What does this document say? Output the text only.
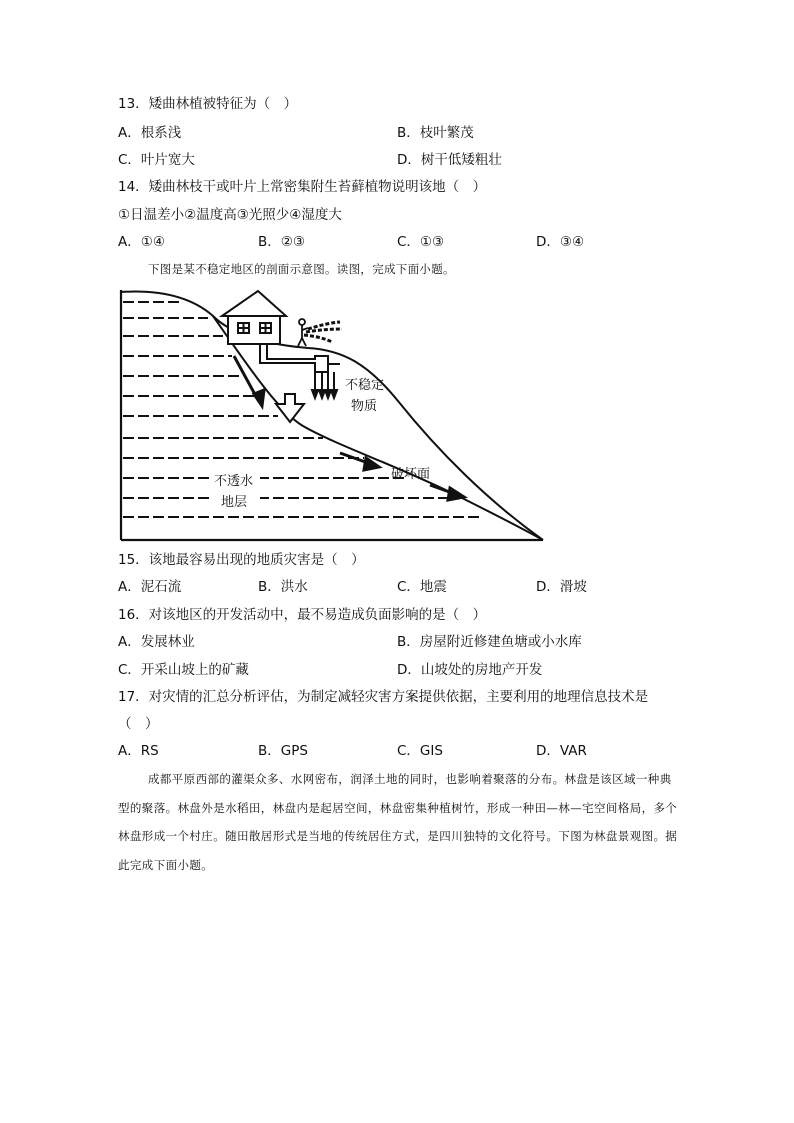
13．矮曲林植被特征为（　）
A．根系浅	B．枝叶繁茂
C．叶片宽大	D．树干低矮粗壮
14．矮曲林枝干或叶片上常密集附生苔藓植物说明该地（　）
①日温差小②温度高③光照少④湿度大
A．①④	B．②③	C．①③	D．③④
下图是某不稳定地区的剖面示意图。读图，完成下面小题。
不稳定
物质
不透水
地层
破坏面
15．该地最容易出现的地质灾害是（　）
A．泥石流	B．洪水	C．地震	D．滑坡
16．对该地区的开发活动中，最不易造成负面影响的是（　）
A．发展林业	B．房屋附近修建鱼塘或小水库
C．开采山坡上的矿藏	D．山坡处的房地产开发
17．对灾情的汇总分析评估，为制定减轻灾害方案提供依据，主要利用的地理信息技术是
（　）
A．RS	B．GPS	C．GIS	D．VAR
成都平原西部的灌渠众多、水网密布，润泽土地的同时，也影响着聚落的分布。林盘是该区域一种典型的聚落。林盘外是水稻田，林盘内是起居空间，林盘密集种植树竹，形成一种田—林—宅空间格局，多个林盘形成一个村庄。随田散居形式是当地的传统居住方式，是四川独特的文化符号。下图为林盘景观图。据此完成下面小题。
